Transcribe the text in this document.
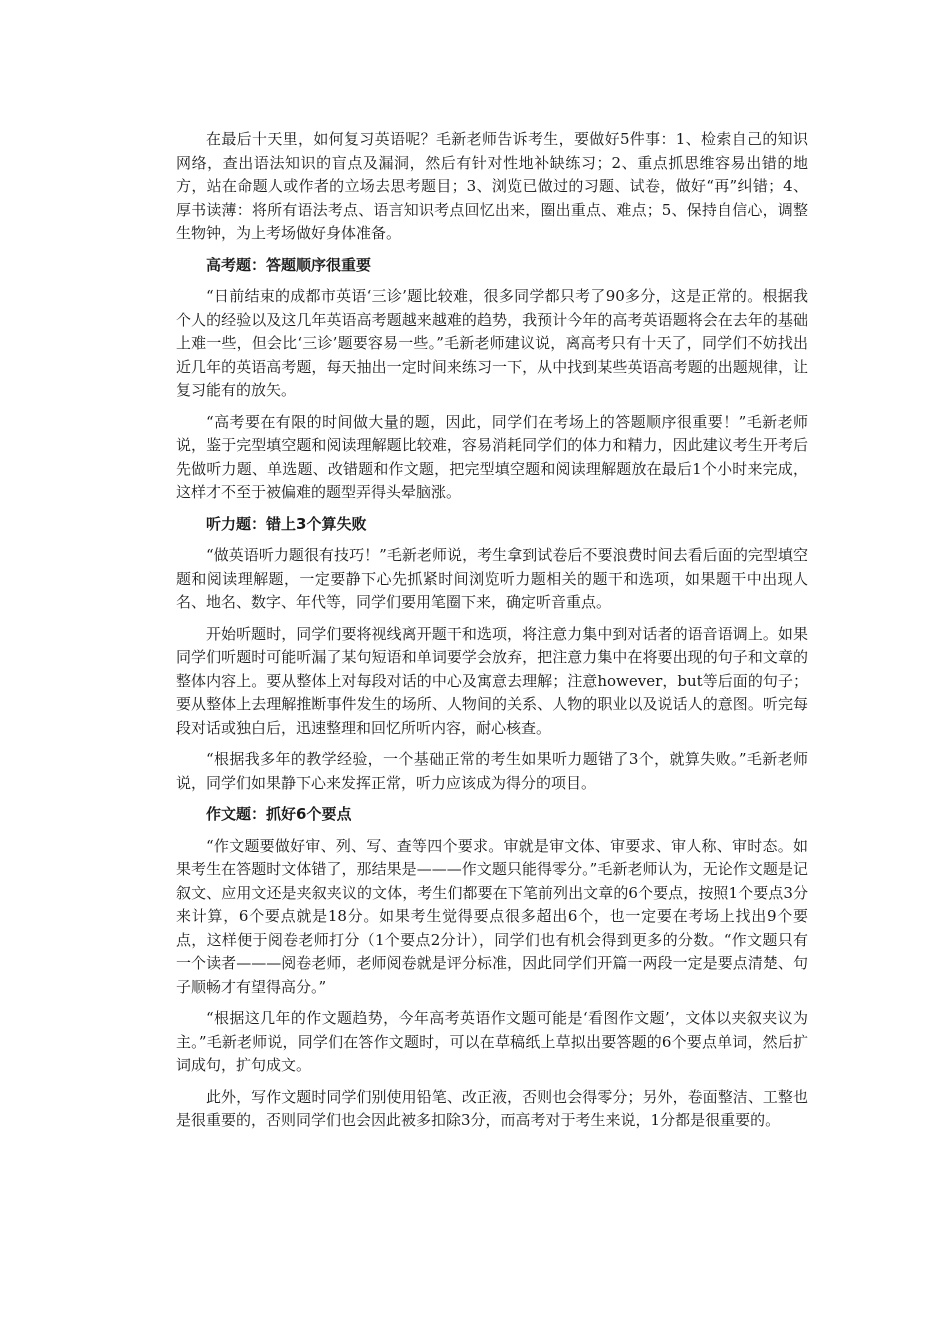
在最后十天里，如何复习英语呢？毛新老师告诉考生，要做好5件事：1、检索自己的知识网络，查出语法知识的盲点及漏洞，然后有针对性地补缺练习；2、重点抓思维容易出错的地方，站在命题人或作者的立场去思考题目；3、浏览已做过的习题、试卷，做好“再”纠错；4、厚书读薄：将所有语法考点、语言知识考点回忆出来，圈出重点、难点；5、保持自信心，调整生物钟，为上考场做好身体准备。

高考题：答题顺序很重要

“日前结束的成都市英语‘三诊’题比较难，很多同学都只考了90多分，这是正常的。根据我个人的经验以及这几年英语高考题越来越难的趋势，我预计今年的高考英语题将会在去年的基础上难一些，但会比‘三诊’题要容易一些。”毛新老师建议说，离高考只有十天了，同学们不妨找出近几年的英语高考题，每天抽出一定时间来练习一下，从中找到某些英语高考题的出题规律，让复习能有的放矢。

“高考要在有限的时间做大量的题，因此，同学们在考场上的答题顺序很重要！”毛新老师说，鉴于完型填空题和阅读理解题比较难，容易消耗同学们的体力和精力，因此建议考生开考后先做听力题、单选题、改错题和作文题，把完型填空题和阅读理解题放在最后1个小时来完成，这样才不至于被偏难的题型弄得头晕脑涨。

听力题：错上3个算失败

“做英语听力题很有技巧！”毛新老师说，考生拿到试卷后不要浪费时间去看后面的完型填空题和阅读理解题，一定要静下心先抓紧时间浏览听力题相关的题干和选项，如果题干中出现人名、地名、数字、年代等，同学们要用笔圈下来，确定听音重点。

开始听题时，同学们要将视线离开题干和选项，将注意力集中到对话者的语音语调上。如果同学们听题时可能听漏了某句短语和单词要学会放弃，把注意力集中在将要出现的句子和文章的整体内容上。要从整体上对每段对话的中心及寓意去理解；注意however，but等后面的句子；要从整体上去理解推断事件发生的场所、人物间的关系、人物的职业以及说话人的意图。听完每段对话或独白后，迅速整理和回忆所听内容，耐心核查。

“根据我多年的教学经验，一个基础正常的考生如果听力题错了3个，就算失败。”毛新老师说，同学们如果静下心来发挥正常，听力应该成为得分的项目。

作文题：抓好6个要点

“作文题要做好审、列、写、查等四个要求。审就是审文体、审要求、审人称、审时态。如果考生在答题时文体错了，那结果是———作文题只能得零分。”毛新老师认为，无论作文题是记叙文、应用文还是夹叙夹议的文体，考生们都要在下笔前列出文章的6个要点，按照1个要点3分来计算，6个要点就是18分。如果考生觉得要点很多超出6个，也一定要在考场上找出9个要点，这样便于阅卷老师打分（1个要点2分计），同学们也有机会得到更多的分数。“作文题只有一个读者———阅卷老师，老师阅卷就是评分标准，因此同学们开篇一两段一定是要点清楚、句子顺畅才有望得高分。”

“根据这几年的作文题趋势，今年高考英语作文题可能是‘看图作文题’，文体以夹叙夹议为主。”毛新老师说，同学们在答作文题时，可以在草稿纸上草拟出要答题的6个要点单词，然后扩词成句，扩句成文。

此外，写作文题时同学们别使用铅笔、改正液，否则也会得零分；另外，卷面整洁、工整也是很重要的，否则同学们也会因此被多扣除3分，而高考对于考生来说，1分都是很重要的。
